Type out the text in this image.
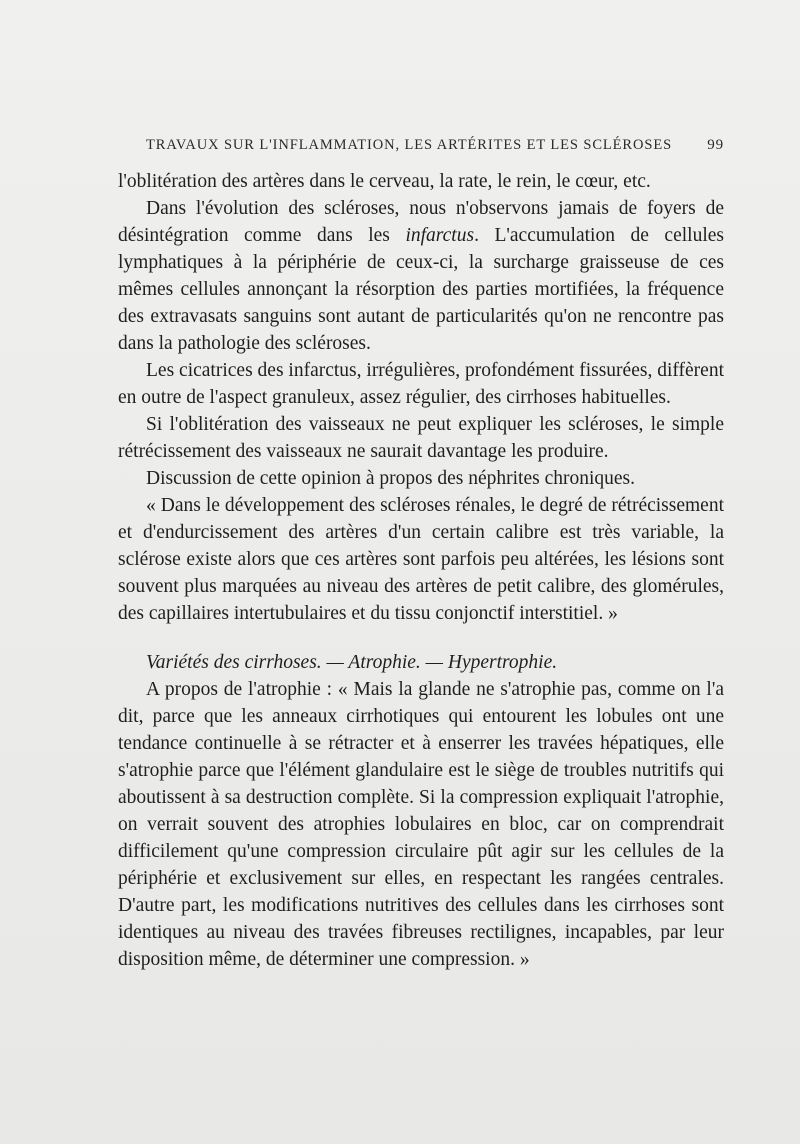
TRAVAUX SUR L'INFLAMMATION, LES ARTÉRITES ET LES SCLÉROSES 99

l'oblitération des artères dans le cerveau, la rate, le rein, le cœur, etc.

Dans l'évolution des scléroses, nous n'observons jamais de foyers de désintégration comme dans les infarctus. L'accumulation de cellules lymphatiques à la périphérie de ceux-ci, la surcharge graisseuse de ces mêmes cellules annonçant la résorption des parties mortifiées, la fréquence des extravasats sanguins sont autant de particularités qu'on ne rencontre pas dans la pathologie des scléroses.

Les cicatrices des infarctus, irrégulières, profondément fissurées, diffèrent en outre de l'aspect granuleux, assez régulier, des cirrhoses habituelles.

Si l'oblitération des vaisseaux ne peut expliquer les scléroses, le simple rétrécissement des vaisseaux ne saurait davantage les produire.

Discussion de cette opinion à propos des néphrites chroniques.

« Dans le développement des scléroses rénales, le degré de rétrécissement et d'endurcissement des artères d'un certain calibre est très variable, la sclérose existe alors que ces artères sont parfois peu altérées, les lésions sont souvent plus marquées au niveau des artères de petit calibre, des glomérules, des capillaires intertubulaires et du tissu conjonctif interstitiel. »

Variétés des cirrhoses. — Atrophie. — Hypertrophie.

A propos de l'atrophie : « Mais la glande ne s'atrophie pas, comme on l'a dit, parce que les anneaux cirrhotiques qui entourent les lobules ont une tendance continuelle à se rétracter et à enserrer les travées hépatiques, elle s'atrophie parce que l'élément glandulaire est le siège de troubles nutritifs qui aboutissent à sa destruction complète. Si la compression expliquait l'atrophie, on verrait souvent des atrophies lobulaires en bloc, car on comprendrait difficilement qu'une compression circulaire pût agir sur les cellules de la périphérie et exclusivement sur elles, en respectant les rangées centrales. D'autre part, les modifications nutritives des cellules dans les cirrhoses sont identiques au niveau des travées fibreuses rectilignes, incapables, par leur disposition même, de déterminer une compression. »
